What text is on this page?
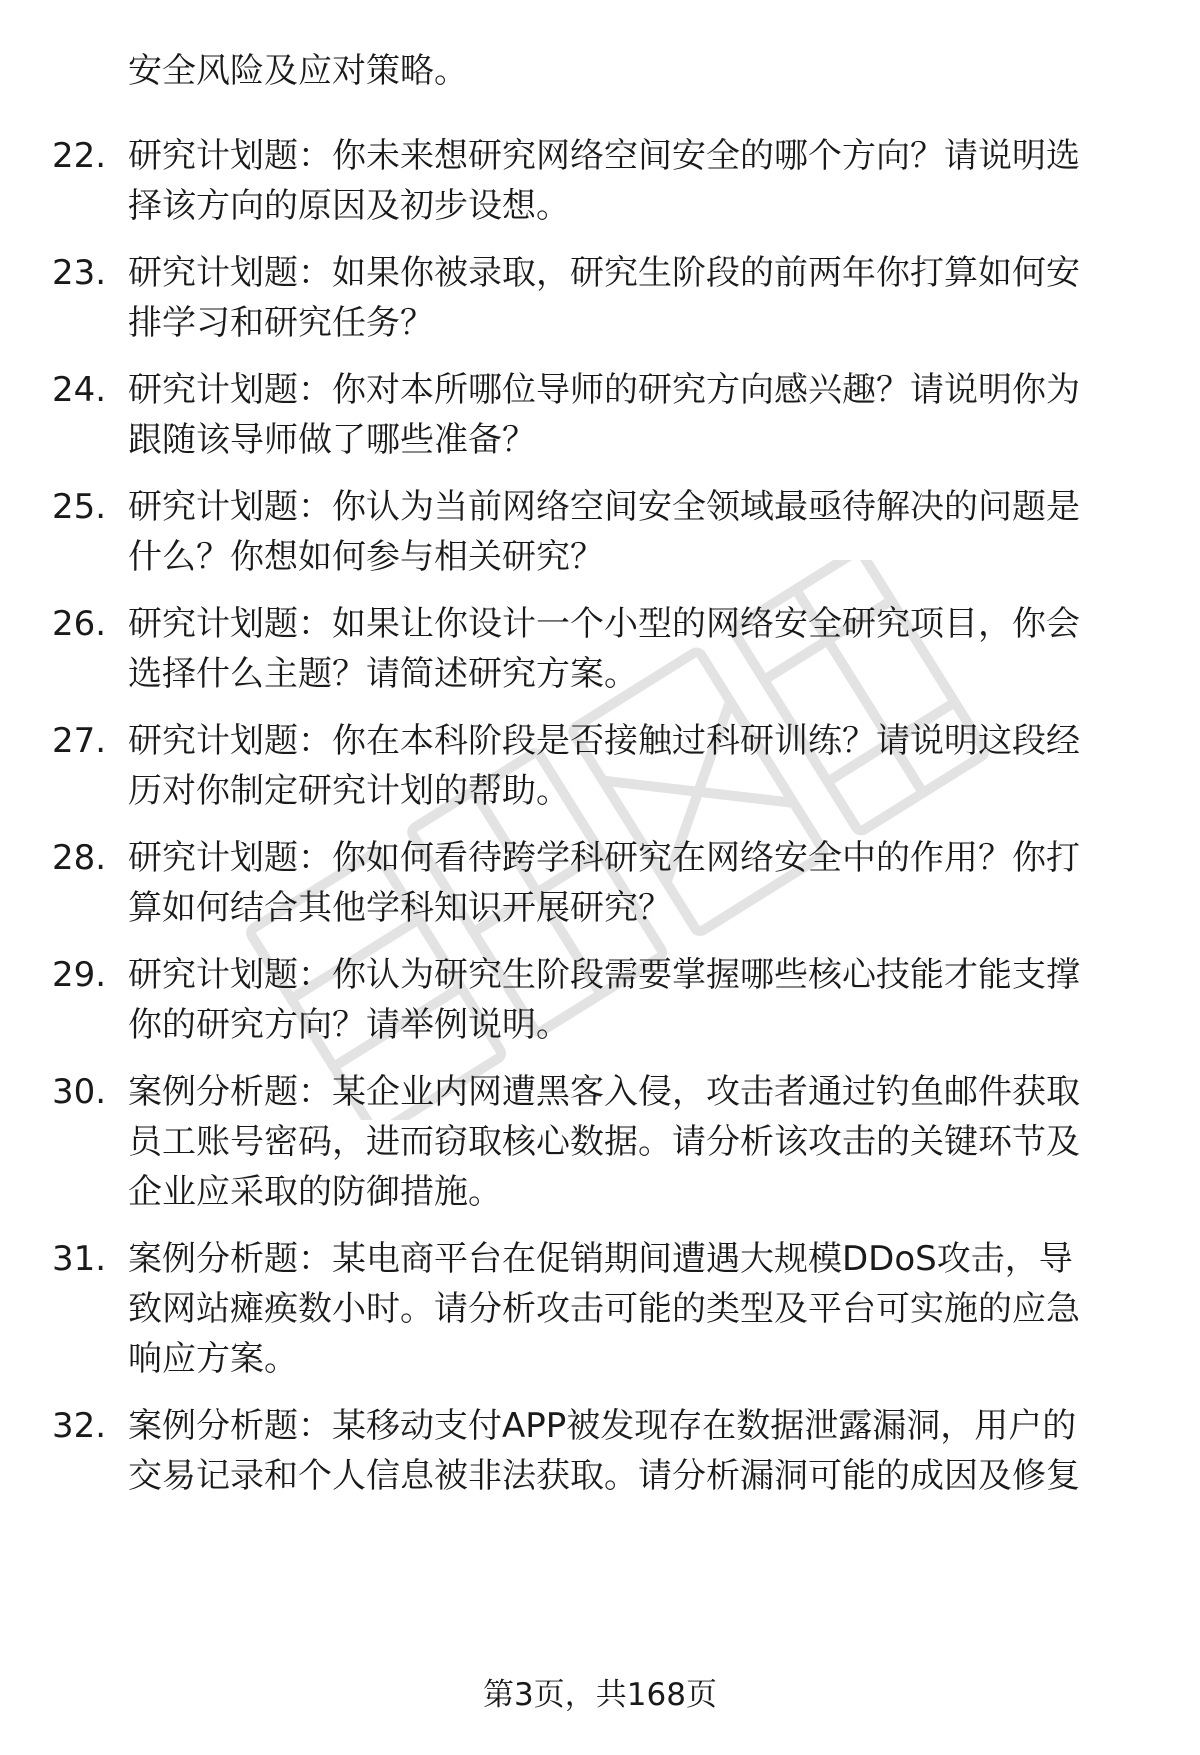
安全风险及应对策略。
22. 研究计划题：你未来想研究网络空间安全的哪个方向？请说明选
择该方向的原因及初步设想。
23. 研究计划题：如果你被录取，研究生阶段的前两年你打算如何安
排学习和研究任务？
24. 研究计划题：你对本所哪位导师的研究方向感兴趣？请说明你为
跟随该导师做了哪些准备？
25. 研究计划题：你认为当前网络空间安全领域最亟待解决的问题是
什么？你想如何参与相关研究？
26. 研究计划题：如果让你设计一个小型的网络安全研究项目，你会
选择什么主题？请简述研究方案。
27. 研究计划题：你在本科阶段是否接触过科研训练？请说明这段经
历对你制定研究计划的帮助。
28. 研究计划题：你如何看待跨学科研究在网络安全中的作用？你打
算如何结合其他学科知识开展研究？
29. 研究计划题：你认为研究生阶段需要掌握哪些核心技能才能支撑
你的研究方向？请举例说明。
30. 案例分析题：某企业内网遭黑客入侵，攻击者通过钓鱼邮件获取
员工账号密码，进而窃取核心数据。请分析该攻击的关键环节及
企业应采取的防御措施。
31. 案例分析题：某电商平台在促销期间遭遇大规模DDoS攻击，导
致网站瘫痪数小时。请分析攻击可能的类型及平台可实施的应急
响应方案。
32. 案例分析题：某移动支付APP被发现存在数据泄露漏洞，用户的
交易记录和个人信息被非法获取。请分析漏洞可能的成因及修复
第3页，共168页
